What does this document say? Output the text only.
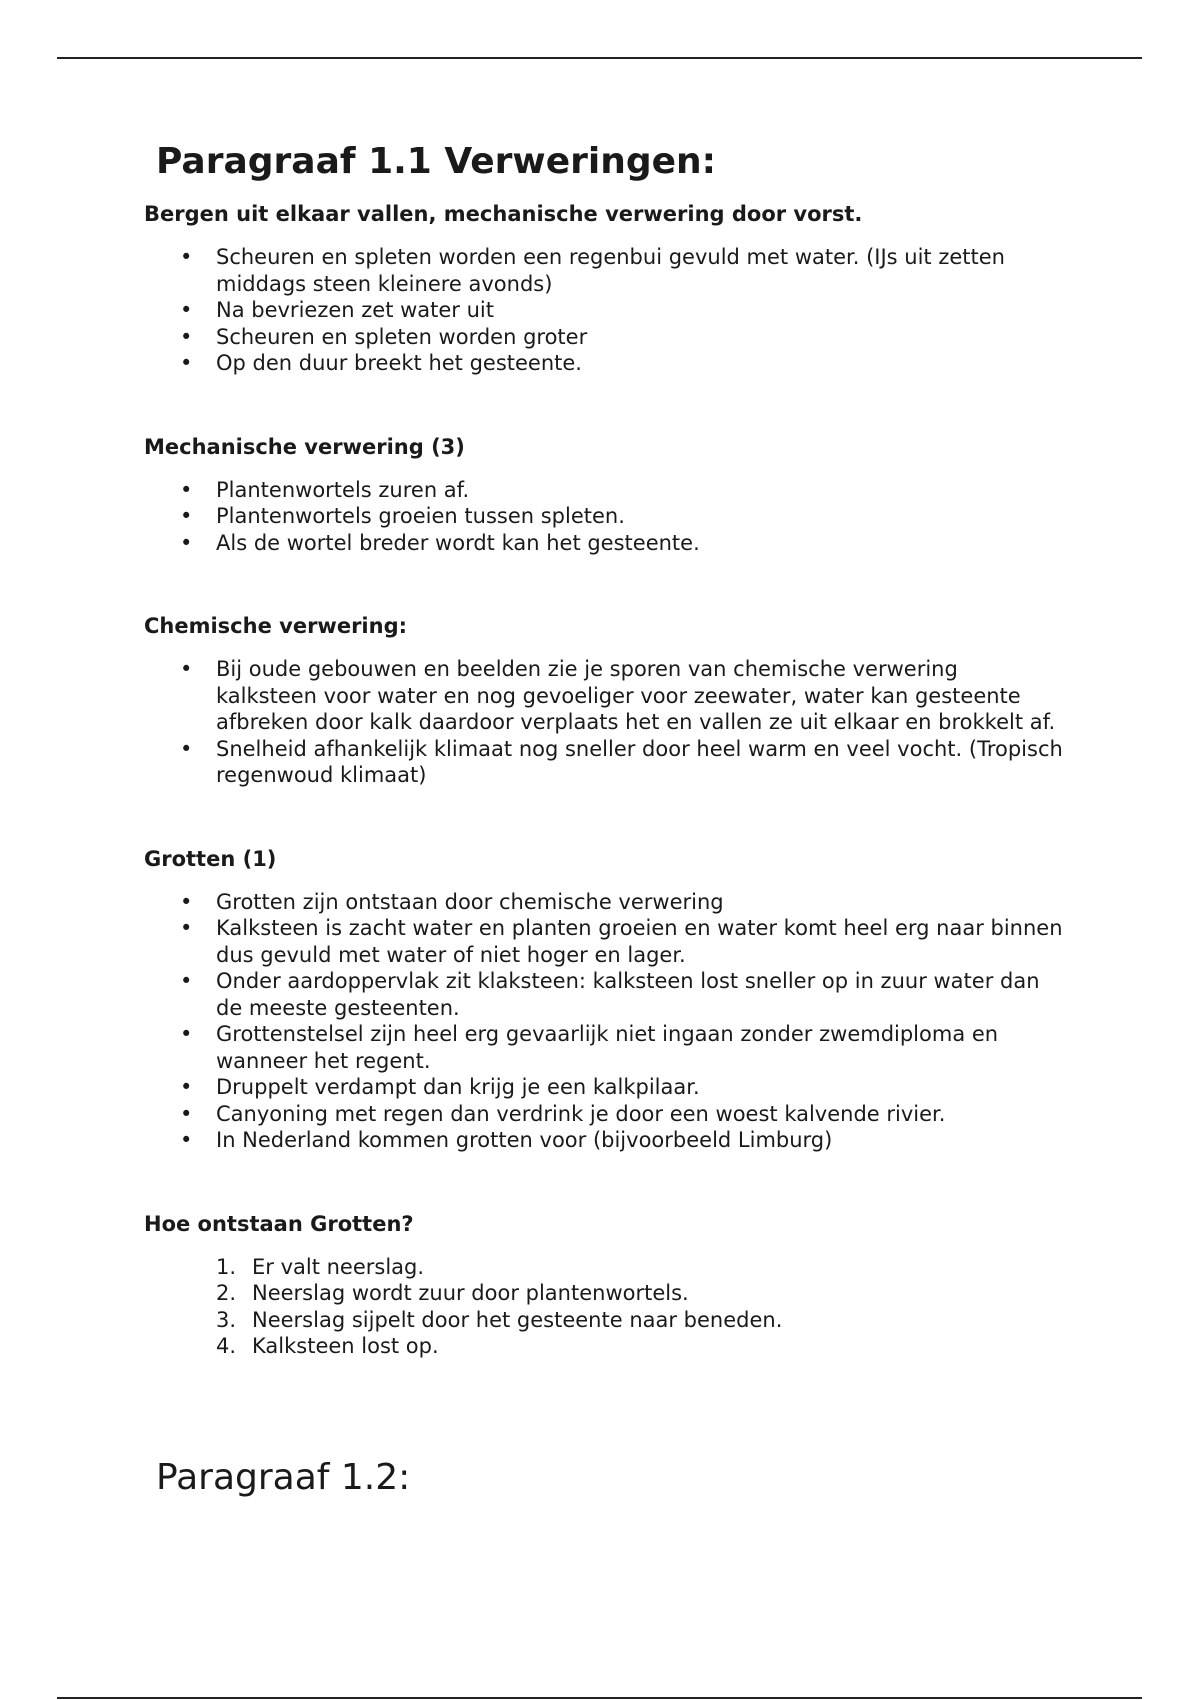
Paragraaf 1.1 Verweringen:

Bergen uit elkaar vallen, mechanische verwering door vorst.

• Scheuren en spleten worden een regenbui gevuld met water. (IJs uit zetten middags steen kleinere avonds)
• Na bevriezen zet water uit
• Scheuren en spleten worden groter
• Op den duur breekt het gesteente.

Mechanische verwering (3)

• Plantenwortels zuren af.
• Plantenwortels groeien tussen spleten.
• Als de wortel breder wordt kan het gesteente.

Chemische verwering:

• Bij oude gebouwen en beelden zie je sporen van chemische verwering kalksteen voor water en nog gevoeliger voor zeewater, water kan gesteente afbreken door kalk daardoor verplaats het en vallen ze uit elkaar en brokkelt af.
• Snelheid afhankelijk klimaat nog sneller door heel warm en veel vocht. (Tropisch regenwoud klimaat)

Grotten (1)

• Grotten zijn ontstaan door chemische verwering
• Kalksteen is zacht water en planten groeien en water komt heel erg naar binnen dus gevuld met water of niet hoger en lager.
• Onder aardoppervlak zit klaksteen: kalksteen lost sneller op in zuur water dan de meeste gesteenten.
• Grottenstelsel zijn heel erg gevaarlijk niet ingaan zonder zwemdiploma en wanneer het regent.
• Druppelt verdampt dan krijg je een kalkpilaar.
• Canyoning met regen dan verdrink je door een woest kalvende rivier.
• In Nederland kommen grotten voor (bijvoorbeeld Limburg)

Hoe ontstaan Grotten?

1. Er valt neerslag.
2. Neerslag wordt zuur door plantenwortels.
3. Neerslag sijpelt door het gesteente naar beneden.
4. Kalksteen lost op.
Paragraaf 1.2:
